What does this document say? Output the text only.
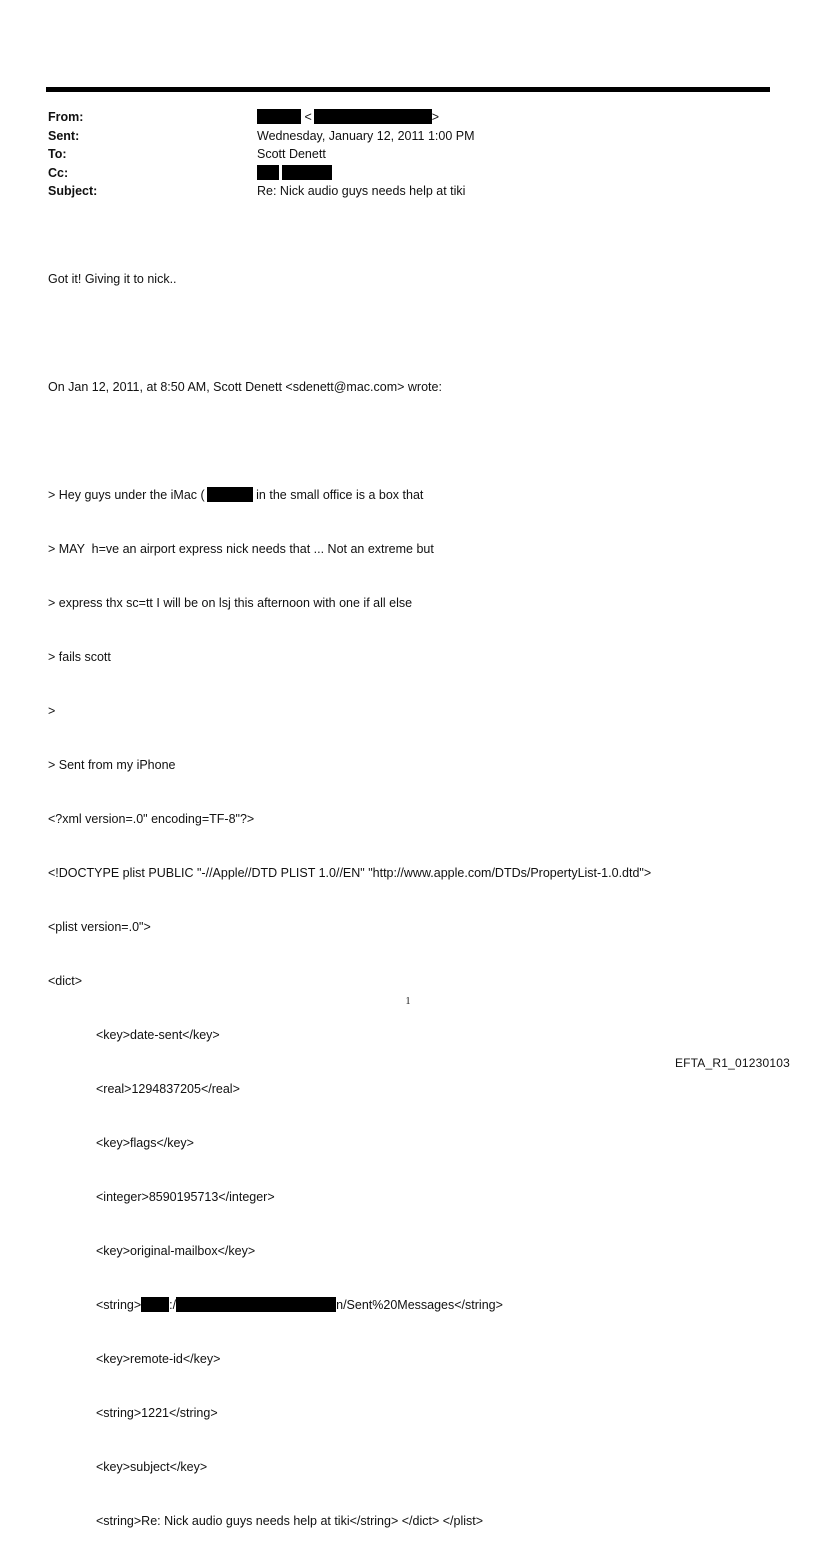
From:	<	>
Sent:	Wednesday, January 12, 2011 1:00 PM
To:	Scott Denett
Cc:

Subject:	Re: Nick audio guys needs help at tiki

Got it! Giving it to nick..

On Jan 12, 2011, at 8:50 AM, Scott Denett <sdenett@mac.com> wrote:

> Hey guys under the iMac (	in the small office is a box that

> MAY  h=ve an airport express nick needs that ... Not an extreme but

> express thx sc=tt I will be on lsj this afternoon with one if all else

> fails scott

>

> Sent from my iPhone

<?xml version=.0" encoding=TF-8"?>

<!DOCTYPE plist PUBLIC "-//Apple//DTD PLIST 1.0//EN" "http://www.apple.com/DTDs/PropertyList-1.0.dtd">

<plist version=.0">

<dict>

<key>date-sent</key>

<real>1294837205</real>

<key>flags</key>

<integer>8590195713</integer>

<key>original-mailbox</key>

<string> :/	n/Sent%20Messages</string>

<key>remote-id</key>

<string>1221</string>

<key>subject</key>

<string>Re: Nick audio guys needs help at tiki</string> </dict> </plist>

1
EFTA_R1_01230103
